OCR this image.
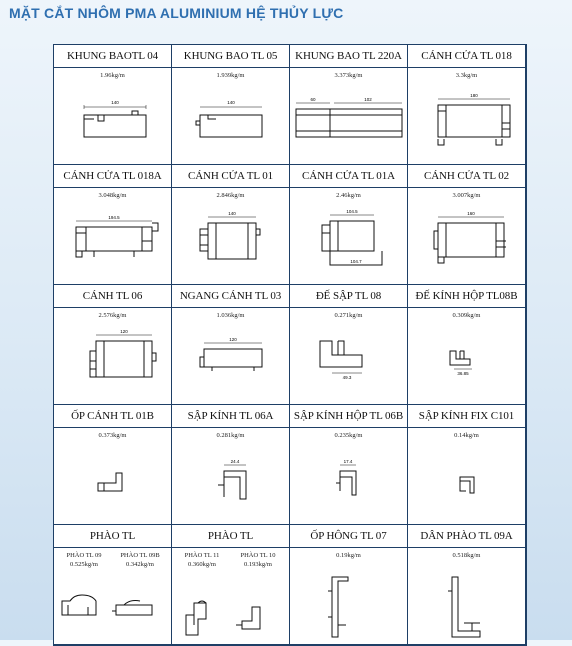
MẶT CẮT NHÔM PMA ALUMINIUM HỆ THỦY LỰC
KHUNG BAOTL 04
1.96kg/m
140
KHUNG BAO TL 05
1.939kg/m
140
KHUNG BAO TL 220A
3.373kg/m
60	102
CÁNH CỬA TL 018
3.3kg/m
180
CÁNH CỬA TL 018A
3.048kg/m
194.5
CÁNH CỬA TL 01
2.846kg/m
140
CÁNH CỬA TL 01A
2.46kg/m
104.5
104.7
CÁNH CỬA TL 02
3.007kg/m
160
CÁNH TL 06
2.576kg/m
120
NGANG CÁNH TL 03
1.036kg/m
120
ĐẾ SẬP TL 08
0.271kg/m
49.3
ĐẾ KÍNH HỘP TL08B
0.309kg/m
36.85
ỐP CÁNH TL 01B
0.373kg/m
SẬP KÍNH TL 06A
0.281kg/m
24.4
SẬP KÍNH HỘP TL 06B
0.235kg/m
17.4
SẬP KÍNH FIX C101
0.14kg/m
PHÀO TL
PHÀO TL 09
0.525kg/m
PHÀO TL 09B
0.342kg/m
PHÀO TL
PHÀO TL 11
0.360kg/m
PHÀO TL 10
0.193kg/m
ỐP HÔNG TL 07
0.19kg/m
DÂN PHÀO TL 09A
0.518kg/m
